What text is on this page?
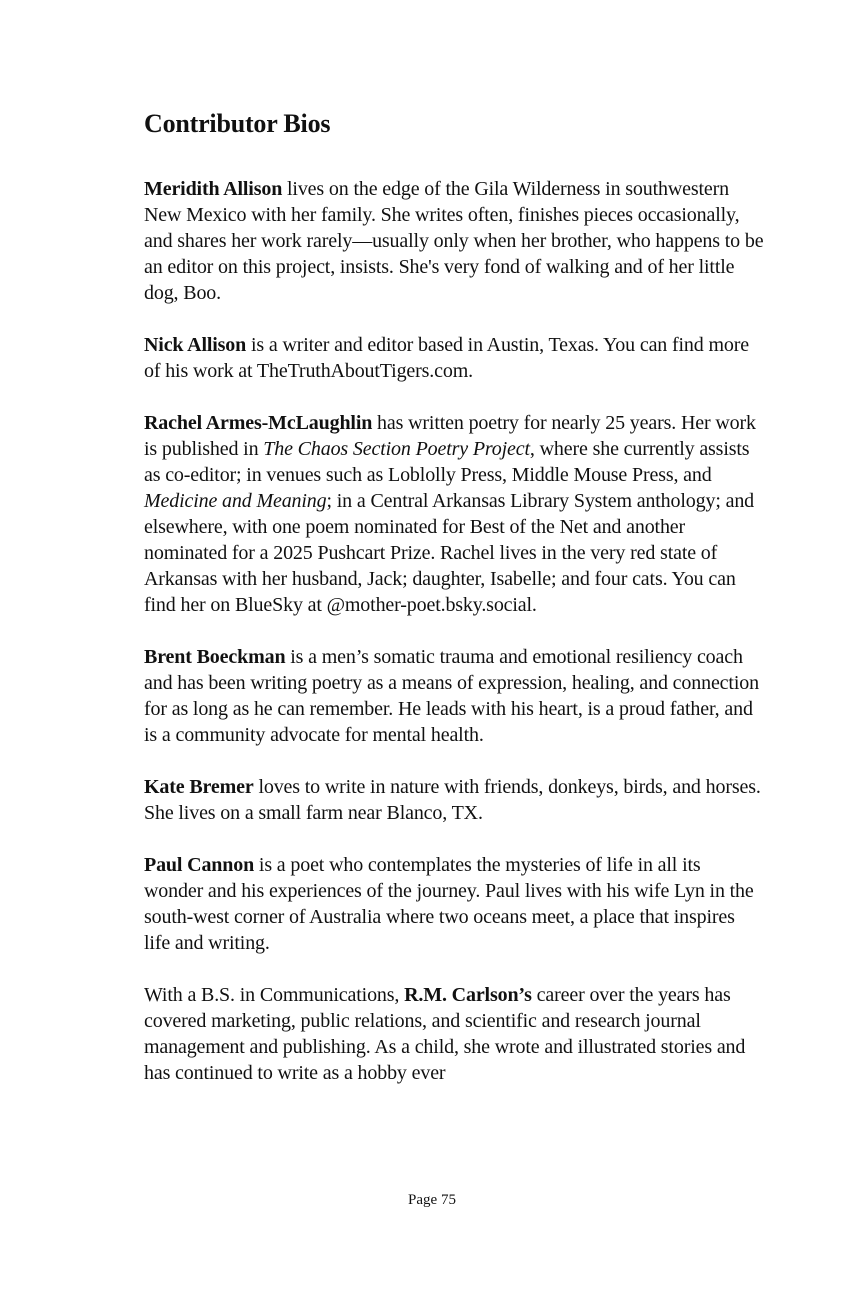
Contributor Bios

Meridith Allison lives on the edge of the Gila Wilderness in southwestern New Mexico with her family. She writes often, finishes pieces occasionally, and shares her work rarely—usually only when her brother, who happens to be an editor on this project, insists. She's very fond of walking and of her little dog, Boo.

Nick Allison is a writer and editor based in Austin, Texas. You can find more of his work at TheTruthAboutTigers.com.

Rachel Armes-McLaughlin has written poetry for nearly 25 years. Her work is published in The Chaos Section Poetry Project, where she currently assists as co-editor; in venues such as Loblolly Press, Middle Mouse Press, and Medicine and Meaning; in a Central Arkansas Library System anthology; and elsewhere, with one poem nominated for Best of the Net and another nominated for a 2025 Pushcart Prize. Rachel lives in the very red state of Arkansas with her husband, Jack; daughter, Isabelle; and four cats. You can find her on BlueSky at @mother-poet.bsky.social.

Brent Boeckman is a men’s somatic trauma and emotional resiliency coach and has been writing poetry as a means of expression, healing, and connection for as long as he can remember. He leads with his heart, is a proud father, and is a community advocate for mental health.

Kate Bremer loves to write in nature with friends, donkeys, birds, and horses. She lives on a small farm near Blanco, TX.

Paul Cannon is a poet who contemplates the mysteries of life in all its wonder and his experiences of the journey. Paul lives with his wife Lyn in the south-west corner of Australia where two oceans meet, a place that inspires life and writing.

With a B.S. in Communications, R.M. Carlson’s career over the years has covered marketing, public relations, and scientific and research journal management and publishing. As a child, she wrote and illustrated stories and has continued to write as a hobby ever

Page 75
